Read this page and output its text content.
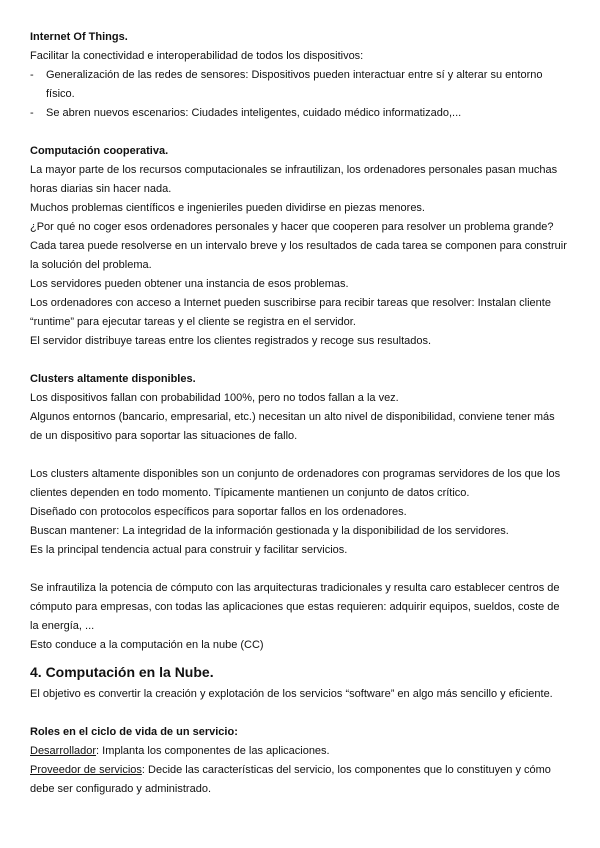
Internet Of Things.

Facilitar la conectividad e interoperabilidad de todos los dispositivos:

- Generalización de las redes de sensores: Dispositivos pueden interactuar entre sí y alterar su entorno
físico.
- Se abren nuevos escenarios: Ciudades inteligentes, cuidado médico informatizado,...

Computación cooperativa.

La mayor parte de los recursos computacionales se infrautilizan, los ordenadores personales pasan muchas

horas diarias sin hacer nada.

Muchos problemas científicos e ingenieriles pueden dividirse en piezas menores.

¿Por qué no coger esos ordenadores personales y hacer que cooperen para resolver un problema grande?

Cada tarea puede resolverse en un intervalo breve y los resultados de cada tarea se componen para construir

la solución del problema.

Los servidores pueden obtener una instancia de esos problemas.

Los ordenadores con acceso a Internet pueden suscribirse para recibir tareas que resolver: Instalan cliente

“runtime” para ejecutar tareas y el cliente se registra en el servidor.

El servidor distribuye tareas entre los clientes registrados y recoge sus resultados.

Clusters altamente disponibles.

Los dispositivos fallan con probabilidad 100%, pero no todos fallan a la vez.

Algunos entornos (bancario, empresarial, etc.) necesitan un alto nivel de disponibilidad, conviene tener más

de un dispositivo para soportar las situaciones de fallo.

Los clusters altamente disponibles son un conjunto de ordenadores con programas servidores de los que los

clientes dependen en todo momento. Típicamente mantienen un conjunto de datos crítico.

Diseñado con protocolos específicos para soportar fallos en los ordenadores.

Buscan mantener: La integridad de la información gestionada y la disponibilidad de los servidores.

Es la principal tendencia actual para construir y facilitar servicios.

Se infrautiliza la potencia de cómputo con las arquitecturas tradicionales y resulta caro establecer centros de

cómputo para empresas, con todas las aplicaciones que estas requieren: adquirir equipos, sueldos, coste de

la energía, ...

Esto conduce a la computación en la nube (CC)

4. Computación en la Nube.

El objetivo es convertir la creación y explotación de los servicios “software” en algo más sencillo y eficiente.

Roles en el ciclo de vida de un servicio:

Desarrollador: Implanta los componentes de las aplicaciones.

Proveedor de servicios: Decide las características del servicio, los componentes que lo constituyen y cómo

debe ser configurado y administrado.
